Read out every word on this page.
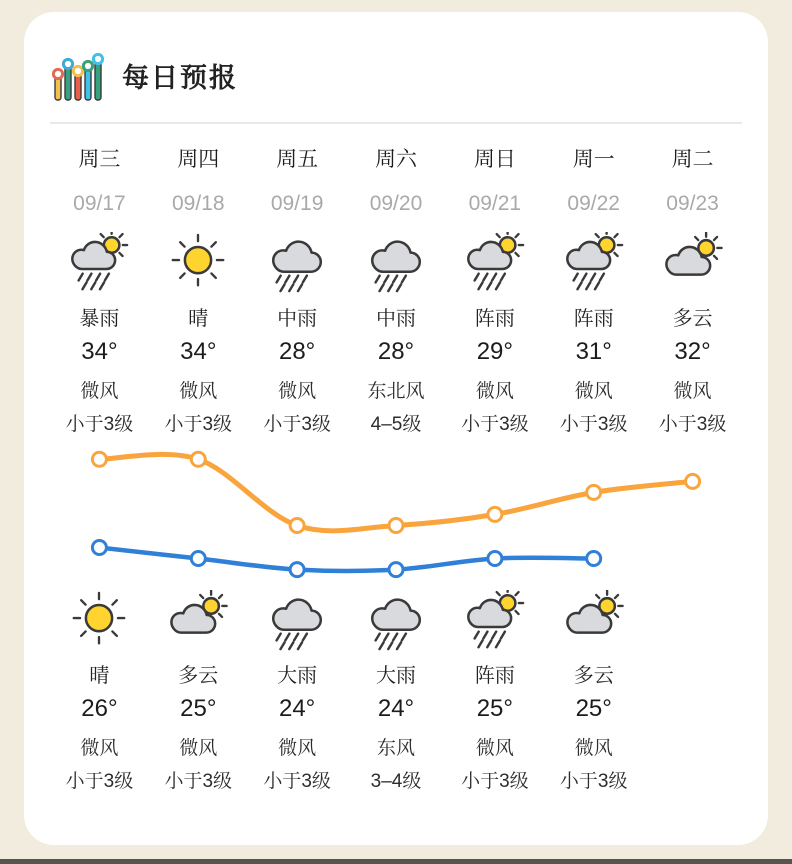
每日预报
周三
09/17
暴雨
34°
微风
小于3级
周四
09/18
晴
34°
微风
小于3级
周五
09/19
中雨
28°
微风
小于3级
周六
09/20
中雨
28°
东北风
4–5级
周日
09/21
阵雨
29°
微风
小于3级
周一
09/22
阵雨
31°
微风
小于3级
周二
09/23
多云
32°
微风
小于3级
晴
26°
微风
小于3级
多云
25°
微风
小于3级
大雨
24°
微风
小于3级
大雨
24°
东风
3–4级
阵雨
25°
微风
小于3级
多云
25°
微风
小于3级
